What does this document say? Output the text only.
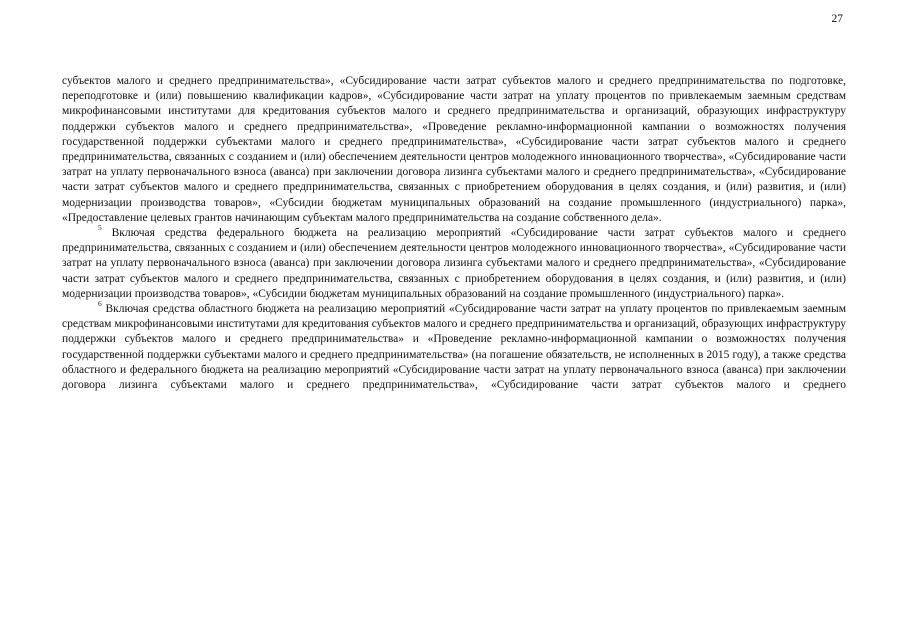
27

субъектов малого и среднего предпринимательства», «Субсидирование части затрат субъектов малого и среднего предпринимательства по подготовке, переподготовке и (или) повышению квалификации кадров», «Субсидирование части затрат на уплату процентов по привлекаемым заемным средствам микрофинансовыми институтами для кредитования субъектов малого и среднего предпринимательства и организаций, образующих инфраструктуру поддержки субъектов малого и среднего предпринимательства», «Проведение рекламно-информационной кампании о возможностях получения государственной поддержки субъектами малого и среднего предпринимательства», «Субсидирование части затрат субъектов малого и среднего предпринимательства, связанных с созданием и (или) обеспечением деятельности центров молодежного инновационного творчества», «Субсидирование части затрат на уплату первоначального взноса (аванса) при заключении договора лизинга субъектами малого и среднего предпринимательства», «Субсидирование части затрат субъектов малого и среднего предпринимательства, связанных с приобретением оборудования в целях создания, и (или) развития, и (или) модернизации производства товаров», «Субсидии бюджетам муниципальных образований на создание промышленного (индустриального) парка», «Предоставление целевых грантов начинающим субъектам малого предпринимательства на создание собственного дела».

$^5$ Включая средства федерального бюджета на реализацию мероприятий «Субсидирование части затрат субъектов малого и среднего предпринимательства, связанных с созданием и (или) обеспечением деятельности центров молодежного инновационного творчества», «Субсидирование части затрат на уплату первоначального взноса (аванса) при заключении договора лизинга субъектами малого и среднего предпринимательства», «Субсидирование части затрат субъектов малого и среднего предпринимательства, связанных с приобретением оборудования в целях создания, и (или) развития, и (или) модернизации производства товаров», «Субсидии бюджетам муниципальных образований на создание промышленного (индустриального) парка».

$^6$ Включая средства областного бюджета на реализацию мероприятий «Субсидирование части затрат на уплату процентов по привлекаемым заемным средствам микрофинансовыми институтами для кредитования субъектов малого и среднего предпринимательства и организаций, образующих инфраструктуру поддержки субъектов малого и среднего предпринимательства» и «Проведение рекламно-информационной кампании о возможностях получения государственной поддержки субъектами малого и среднего предпринимательства» (на погашение обязательств, не исполненных в 2015 году), а также средства областного и федерального бюджета на реализацию мероприятий «Субсидирование части затрат на уплату первоначального взноса (аванса) при заключении договора лизинга субъектами малого и среднего предпринимательства», «Субсидирование части затрат субъектов малого и среднего
